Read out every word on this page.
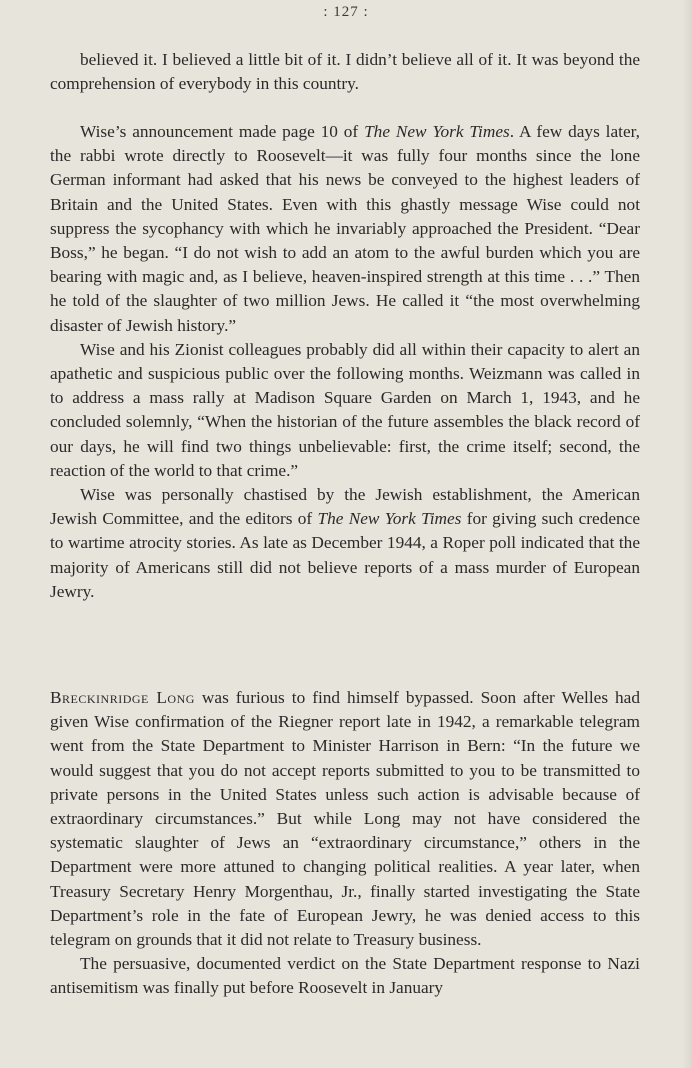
: 127 :

believed it. I believed a little bit of it. I didn’t believe all of it. It was beyond the comprehension of everybody in this country.

Wise’s announcement made page 10 of The New York Times. A few days later, the rabbi wrote directly to Roosevelt—it was fully four months since the lone German informant had asked that his news be conveyed to the highest leaders of Britain and the United States. Even with this ghastly message Wise could not suppress the sycophancy with which he invariably approached the President. “Dear Boss,” he began. “I do not wish to add an atom to the awful burden which you are bearing with magic and, as I believe, heaven-inspired strength at this time . . .” Then he told of the slaughter of two million Jews. He called it “the most overwhelming disaster of Jewish history.”

Wise and his Zionist colleagues probably did all within their capacity to alert an apathetic and suspicious public over the following months. Weizmann was called in to address a mass rally at Madison Square Garden on March 1, 1943, and he concluded solemnly, “When the historian of the future assembles the black record of our days, he will find two things unbelievable: first, the crime itself; second, the reaction of the world to that crime.”

Wise was personally chastised by the Jewish establishment, the American Jewish Committee, and the editors of The New York Times for giving such credence to wartime atrocity stories. As late as December 1944, a Roper poll indicated that the majority of Americans still did not believe reports of a mass murder of European Jewry.

Breckinridge Long was furious to find himself bypassed. Soon after Welles had given Wise confirmation of the Riegner report late in 1942, a remarkable telegram went from the State Department to Minister Harrison in Bern: “In the future we would suggest that you do not accept reports submitted to you to be transmitted to private persons in the United States unless such action is advisable because of extraordinary circumstances.” But while Long may not have considered the systematic slaughter of Jews an “extraordinary circumstance,” others in the Department were more attuned to changing political realities. A year later, when Treasury Secretary Henry Morgenthau, Jr., finally started investigating the State Department’s role in the fate of European Jewry, he was denied access to this telegram on grounds that it did not relate to Treasury business.

The persuasive, documented verdict on the State Department response to Nazi antisemitism was finally put before Roosevelt in January
